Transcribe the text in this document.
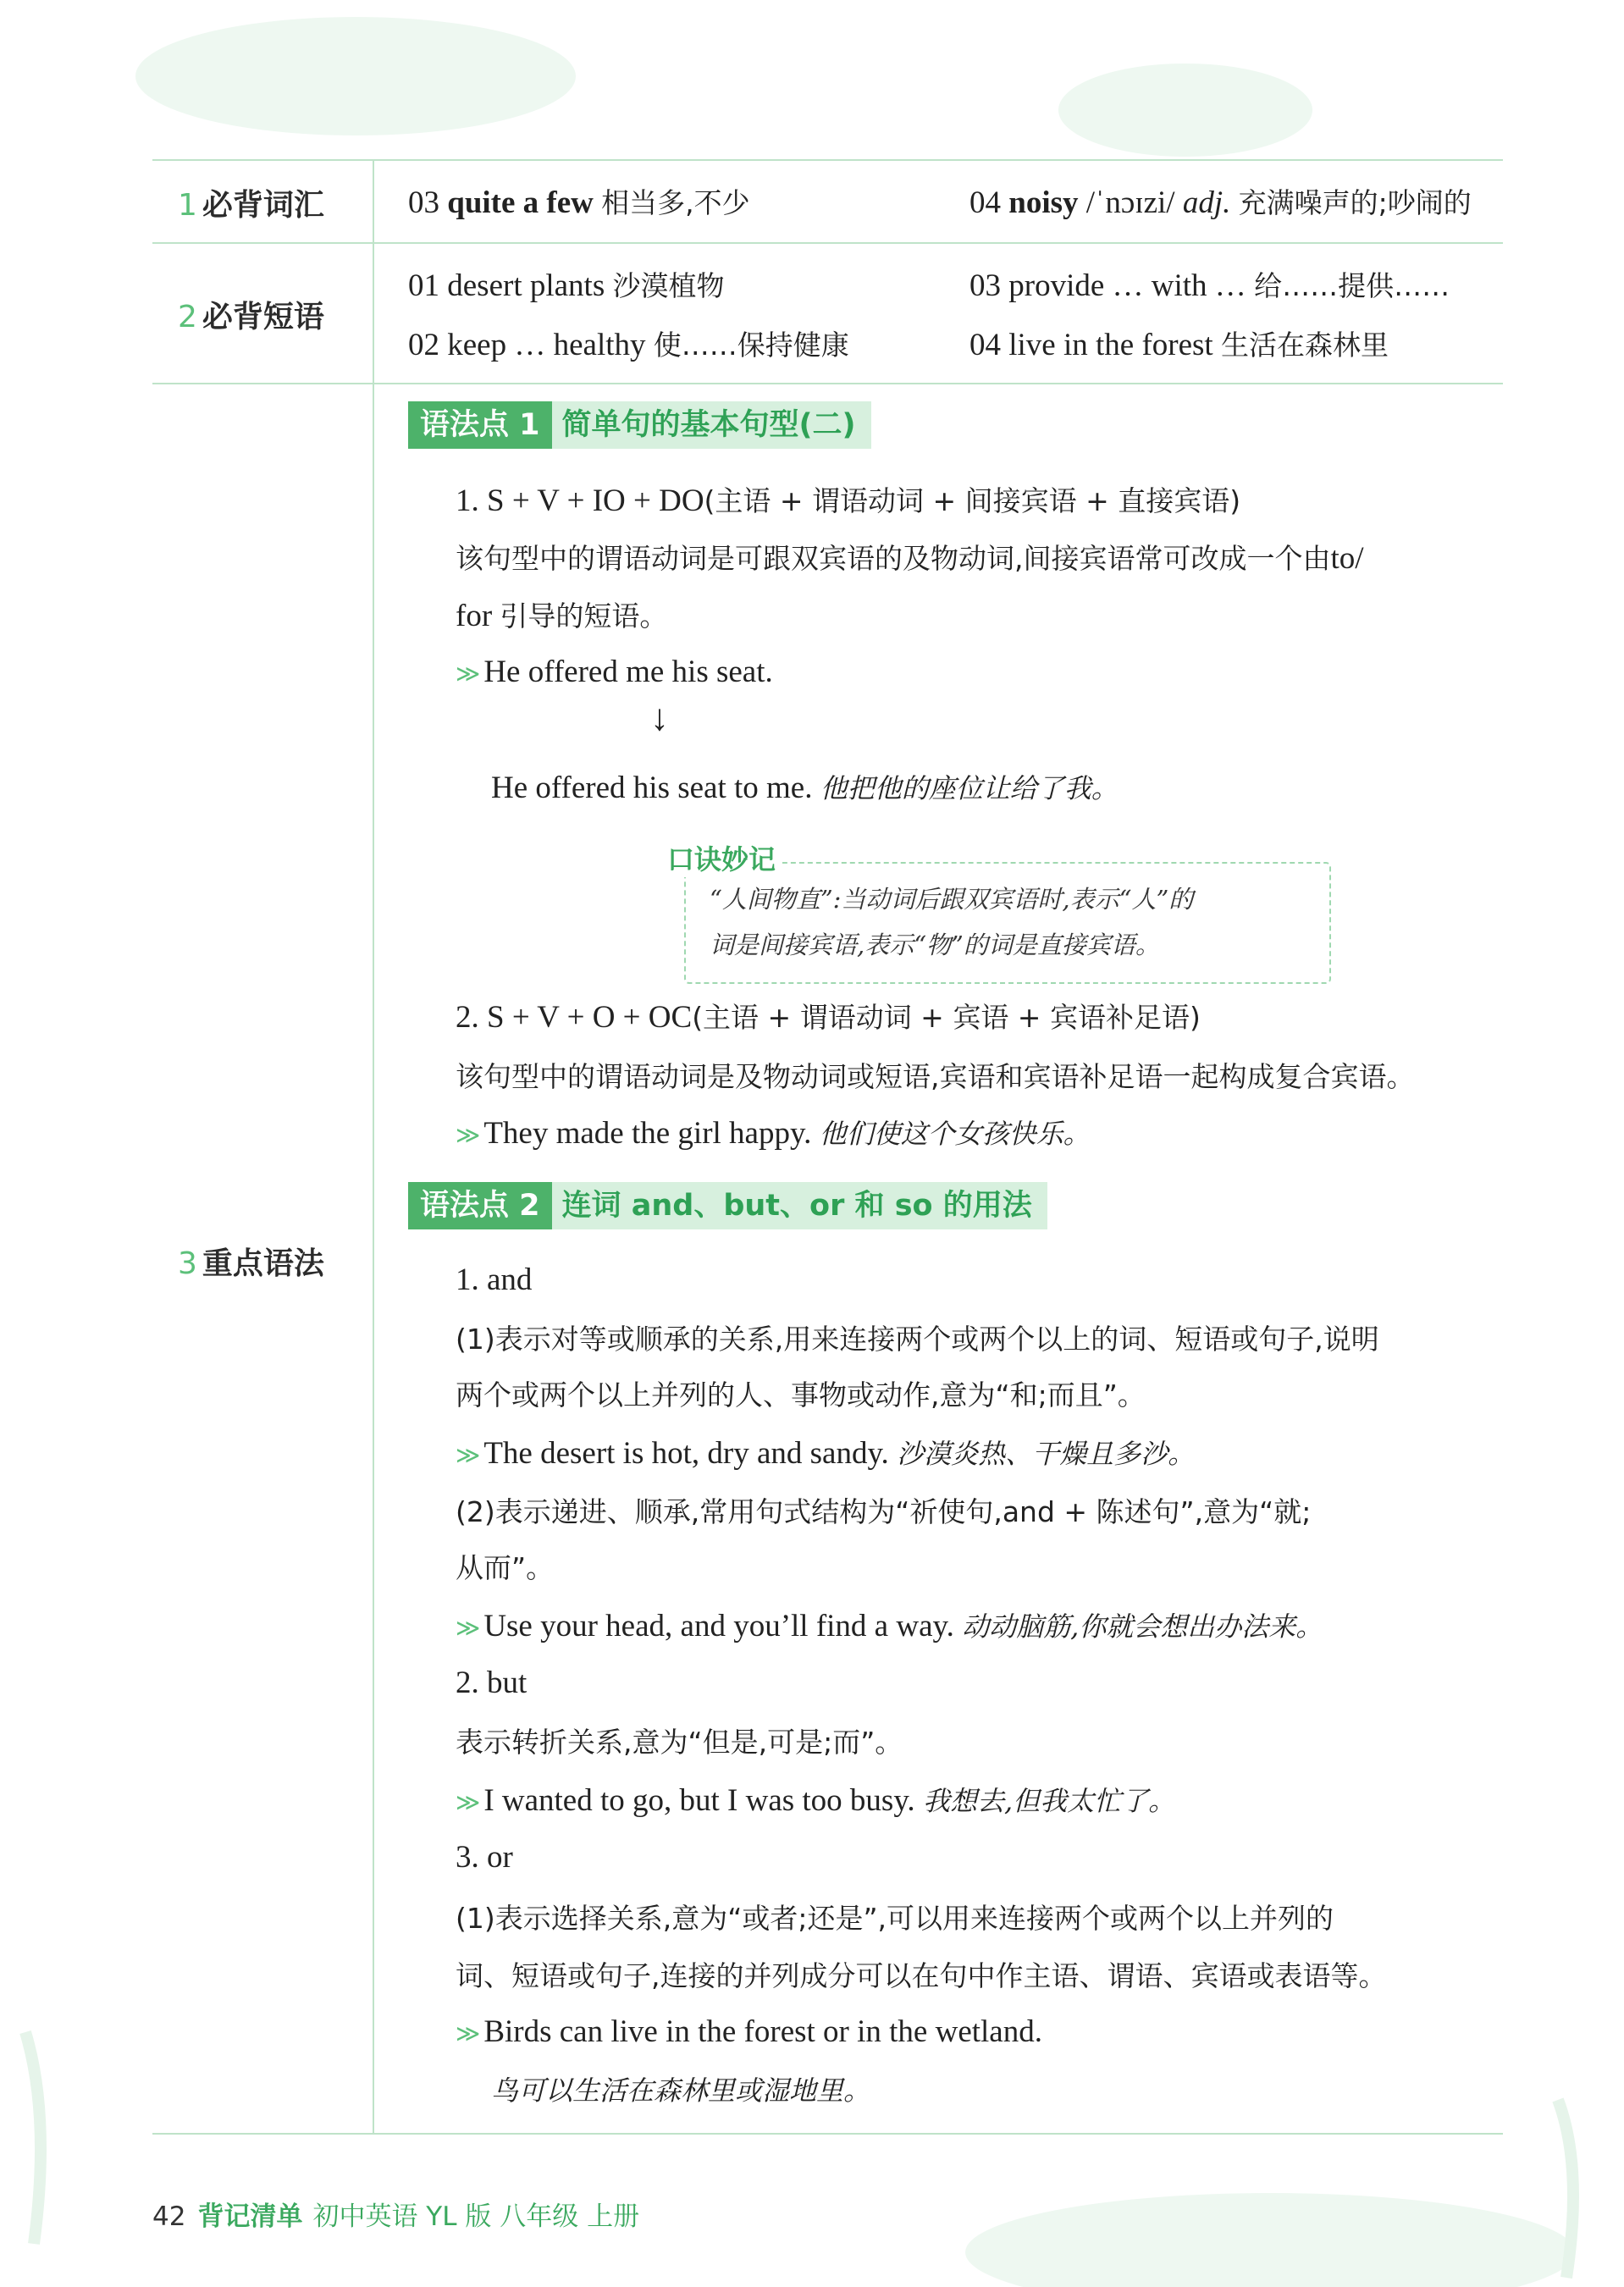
1 必背词汇
2 必背短语
3 重点语法
03 quite a few 相当多,不少	04 noisy /ˈnɔɪzi/ adj. 充满噪声的;吵闹的
01 desert plants 沙漠植物
02 keep … healthy 使……保持健康
03 provide … with … 给……提供……
04 live in the forest 生活在森林里
语法点 1 简单句的基本句型(二)
1. S + V + IO + DO(主语 + 谓语动词 + 间接宾语 + 直接宾语)
该句型中的谓语动词是可跟双宾语的及物动词,间接宾语常可改成一个由to/
for 引导的短语。
≫ He offered me his seat.
↓
He offered his seat to me. 他把他的座位让给了我。
口诀妙记
“人间物直”:当动词后跟双宾语时,表示“人”的
词是间接宾语,表示“物”的词是直接宾语。
2. S + V + O + OC(主语 + 谓语动词 + 宾语 + 宾语补足语)
该句型中的谓语动词是及物动词或短语,宾语和宾语补足语一起构成复合宾语。
≫ They made the girl happy. 他们使这个女孩快乐。
语法点 2 连词 and、but、or 和 so 的用法
1. and
(1)表示对等或顺承的关系,用来连接两个或两个以上的词、短语或句子,说明
两个或两个以上并列的人、事物或动作,意为“和;而且”。
≫ The desert is hot, dry and sandy. 沙漠炎热、干燥且多沙。
(2)表示递进、顺承,常用句式结构为“祈使句,and + 陈述句”,意为“就;
从而”。
≫ Use your head, and you’ll find a way. 动动脑筋,你就会想出办法来。
2. but
表示转折关系,意为“但是,可是;而”。
≫ I wanted to go, but I was too busy. 我想去,但我太忙了。
3. or
(1)表示选择关系,意为“或者;还是”,可以用来连接两个或两个以上并列的
词、短语或句子,连接的并列成分可以在句中作主语、谓语、宾语或表语等。
≫ Birds can live in the forest or in the wetland.
鸟可以生活在森林里或湿地里。
42 背记清单 初中英语 YL 版 八年级 上册
